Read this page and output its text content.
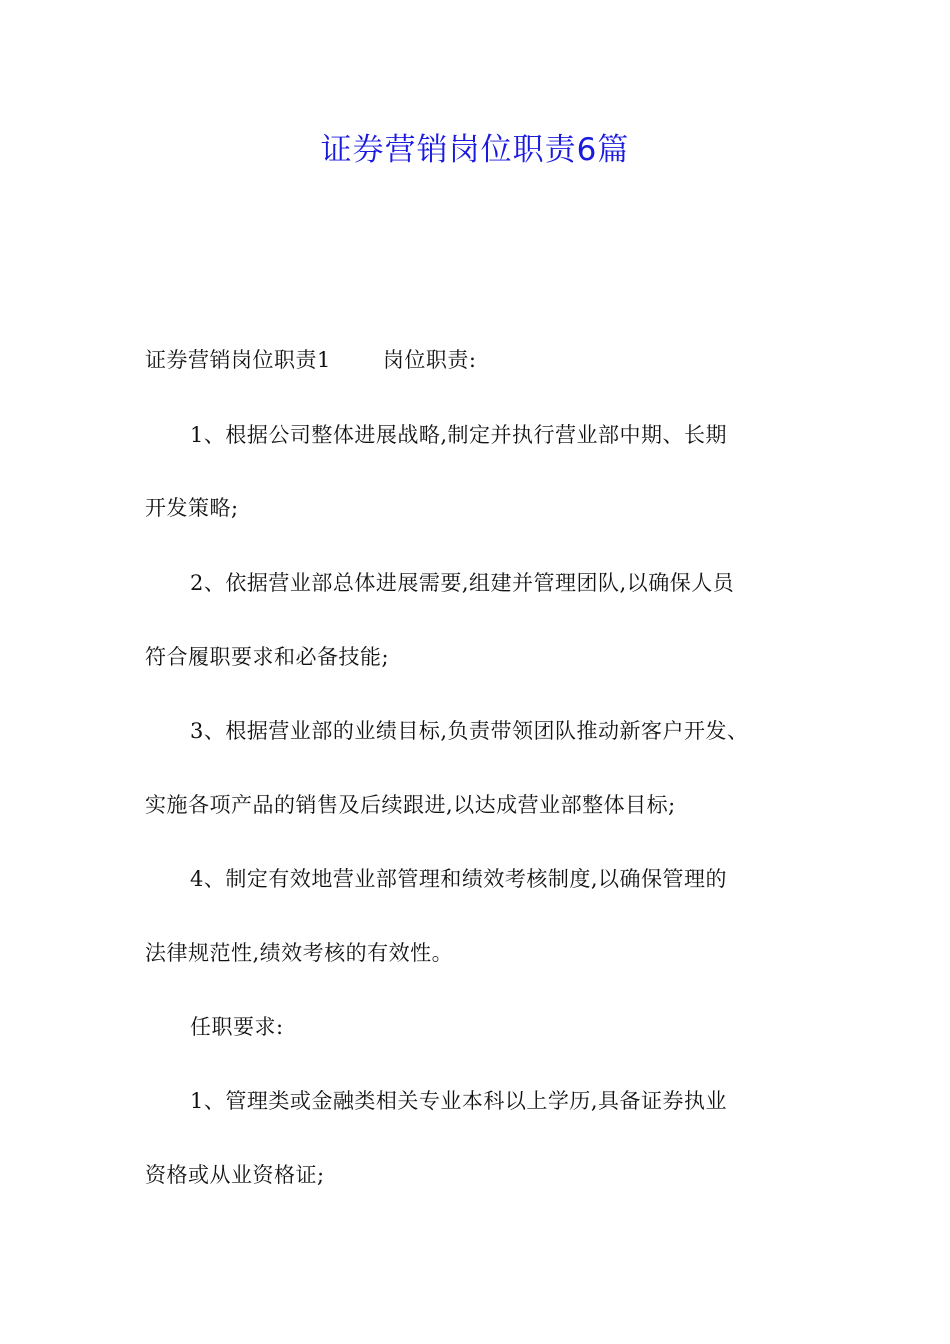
证券营销岗位职责6篇
证券营销岗位职责1 岗位职责:
1、根据公司整体进展战略,制定并执行营业部中期、长期
开发策略;
2、依据营业部总体进展需要,组建并管理团队,以确保人员
符合履职要求和必备技能;
3、根据营业部的业绩目标,负责带领团队推动新客户开发、
实施各项产品的销售及后续跟进,以达成营业部整体目标;
4、制定有效地营业部管理和绩效考核制度,以确保管理的
法律规范性,绩效考核的有效性。
任职要求:
1、管理类或金融类相关专业本科以上学历,具备证券执业
资格或从业资格证;
